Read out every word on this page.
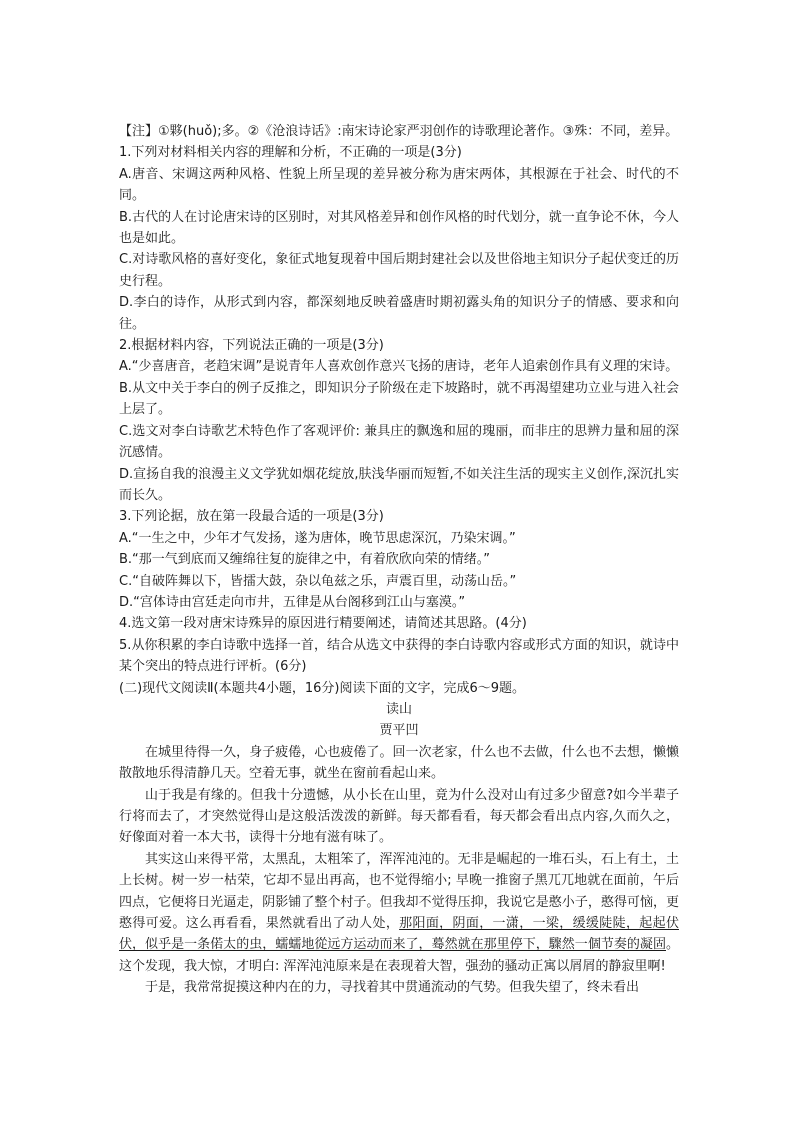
【注】①夥(huǒ);多。②《沧浪诗话》:南宋诗论家严羽创作的诗歌理论著作。③殊：不同，差异。

1.下列对材料相关内容的理解和分析，不正确的一项是(3分)

A.唐音、宋调这两种风格、性貌上所呈现的差异被分称为唐宋两体，其根源在于社会、时代的不同。

B.古代的人在讨论唐宋诗的区别时，对其风格差异和创作风格的时代划分，就一直争论不休，今人也是如此。

C.对诗歌风格的喜好变化，象征式地复现着中国后期封建社会以及世俗地主知识分子起伏变迁的历史行程。

D.李白的诗作，从形式到内容，都深刻地反映着盛唐时期初露头角的知识分子的情感、要求和向往。

2.根据材料内容，下列说法正确的一项是(3分)

A.“少喜唐音，老趋宋调”是说青年人喜欢创作意兴飞扬的唐诗，老年人追索创作具有义理的宋诗。

B.从文中关于李白的例子反推之，即知识分子阶级在走下坡路时，就不再渴望建功立业与进入社会上层了。

C.选文对李白诗歌艺术特色作了客观评价: 兼具庄的飘逸和屈的瑰丽，而非庄的思辨力量和屈的深沉感情。

D.宣扬自我的浪漫主义文学犹如烟花绽放,肤浅华丽而短暂,不如关注生活的现实主义创作,深沉扎实而长久。

3.下列论据，放在第一段最合适的一项是(3分)

A.“一生之中，少年才气发扬，遂为唐体，晚节思虑深沉，乃染宋调。”

B.“那一气到底而又缠绵往复的旋律之中，有着欣欣向荣的情绪。”

C.“自破阵舞以下，皆擂大鼓，杂以龟兹之乐，声震百里，动荡山岳。”

D.“宫体诗由宫廷走向市井，五律是从台阁移到江山与塞漠。”

4.选文第一段对唐宋诗殊异的原因进行精要阐述，请简述其思路。(4分)

5.从你积累的李白诗歌中选择一首，结合从选文中获得的李白诗歌内容或形式方面的知识，就诗中某个突出的特点进行评析。(6分)

(二)现代文阅读Ⅱ(本题共4小题，16分)阅读下面的文字，完成6～9题。

读山

贾平凹

在城里待得一久，身子疲倦，心也疲倦了。回一次老家，什么也不去做，什么也不去想，懒懒散散地乐得清静几天。空着无事，就坐在窗前看起山来。

山于我是有缘的。但我十分遗憾，从小长在山里，竟为什么没对山有过多少留意?如今半辈子行将而去了，才突然觉得山是这般活泼泼的新鲜。每天都看看，每天都会看出点内容,久而久之，好像面对着一本大书，读得十分地有滋有味了。

其实这山来得平常，太黑乱，太粗笨了，浑浑沌沌的。无非是崛起的一堆石头，石上有土，土上长树。树一岁一枯荣，它却不显出再高，也不觉得缩小; 早晚一推窗子黑兀兀地就在面前，午后四点，它便将日光逼走，阴影铺了整个村子。但我却不觉得压抑，我说它是憨小子，憨得可恼，更憨得可爱。这么再看看，果然就看出了动人处，那阳面，阴面，一潇，一梁，缓缓陡陡，起起伏伏，似乎是一条偌太的虫，蠕蠕地從远方运动而来了，蓦然就在那里停下，驟然一個节奏的凝固。这个发现，我大惊，才明白: 浑浑沌沌原来是在表现着大智，强劲的骚动正寓以屑屑的静寂里啊!

于是，我常常捉摸这种内在的力，寻找着其中贯通流动的气势。但我失望了，终未看出
